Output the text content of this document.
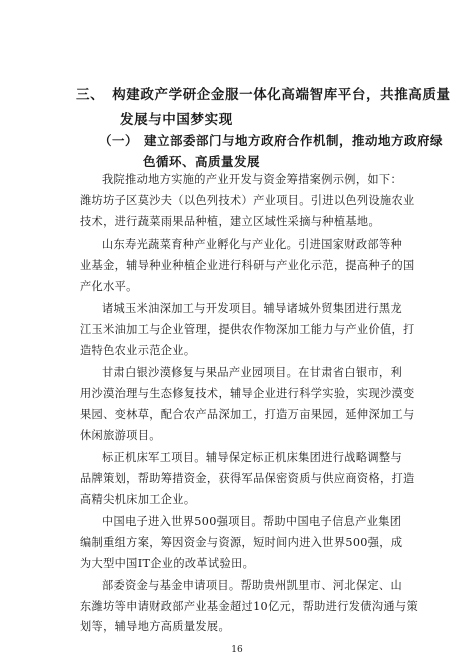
三、 构建政产学研企金服一体化高端智库平台，共推高质量
发展与中国梦实现
（一） 建立部委部门与地方政府合作机制，推动地方政府绿
色循环、高质量发展
我院推动地方实施的产业开发与资金筹措案例示例，如下：
潍坊坊子区莫沙夫（以色列技术）产业项目。引进以色列设施农业
技术，进行蔬菜雨果品种植，建立区域性采摘与种植基地。
山东寿光蔬菜育种产业孵化与产业化。引进国家财政部等种
业基金，辅导种业种植企业进行科研与产业化示范，提高种子的国
产化水平。
诸城玉米油深加工与开发项目。辅导诸城外贸集团进行黑龙
江玉米油加工与企业管理，提供农作物深加工能力与产业价值，打
造特色农业示范企业。
甘肃白银沙漠修复与果品产业园项目。在甘肃省白银市，利
用沙漠治理与生态修复技术，辅导企业进行科学实验，实现沙漠变
果园、变林草，配合农产品深加工，打造万亩果园，延伸深加工与
休闲旅游项目。
标正机床军工项目。辅导保定标正机床集团进行战略调整与
品牌策划，帮助筹措资金，获得军品保密资质与供应商资格，打造
高精尖机床加工企业。
中国电子进入世界500强项目。帮助中国电子信息产业集团
编制重组方案，筹因资金与资源，短时间内进入世界500强，成
为大型中国IT企业的改革试验田。
部委资金与基金申请项目。帮助贵州凯里市、河北保定、山
东潍坊等申请财政部产业基金超过10亿元，帮助进行发债沟通与策
划等，辅导地方高质量发展。
16
